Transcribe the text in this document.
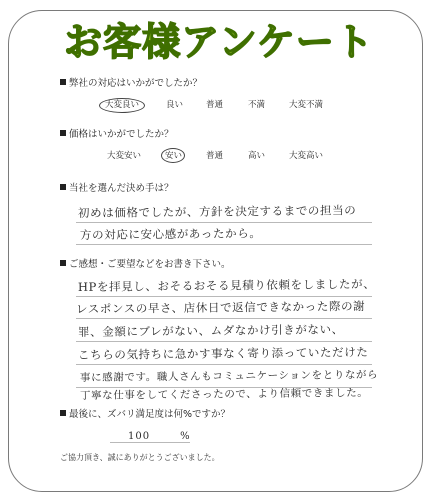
お客様アンケート
弊社の対応はいかがでしたか？
大変良い	良い	普通	不満	大変不満
価格はいかがでしたか？
大変安い	安い	普通	高い	大変高い
当社を選んだ決め手は？
初めは価格でしたが、方針を決定するまでの担当の
方の対応に安心感があったから。
ご感想・ご要望などをお書き下さい。
HPを拝見し、おそるおそる見積り依頼をしましたが、
レスポンスの早さ、店休日で返信できなかった際の謝
罪、金額にブレがない、ムダなかけ引きがない、
こちらの気持ちに急かす事なく寄り添っていただけた
事に感謝です。職人さんもコミュニケーションをとりながら
丁寧な仕事をしてくださったので、より信頼できました。
最後に、ズバリ満足度は何%ですか？
100	%
ご協力頂き、誠にありがとうございました。
